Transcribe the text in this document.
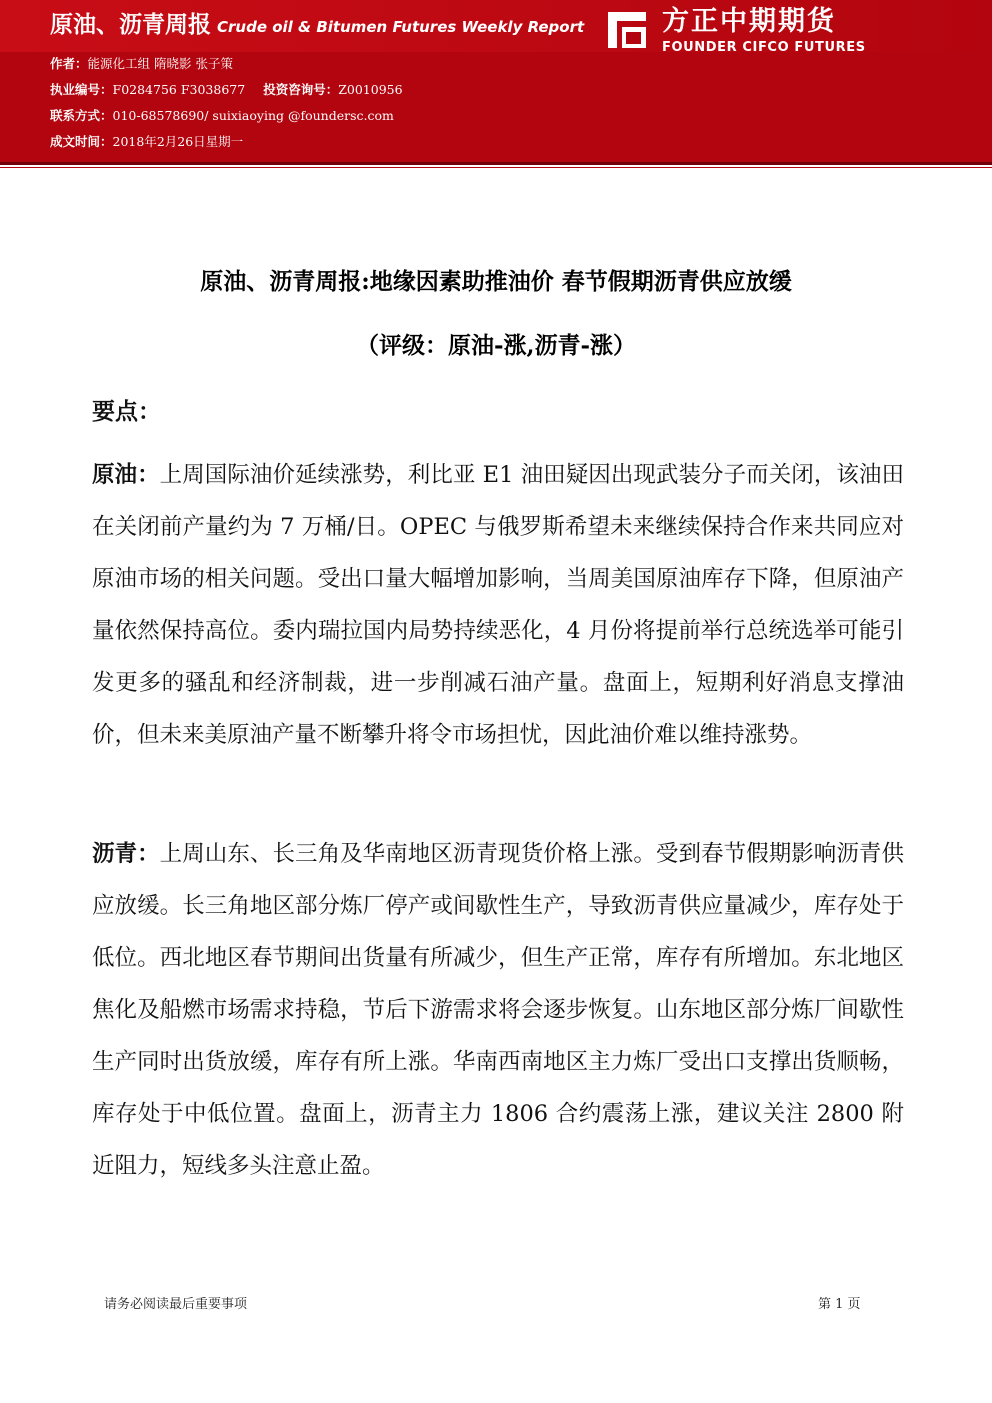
原油、沥青周报 Crude oil & Bitumen Futures Weekly Report	方正中期期货
FOUNDER CIFCO FUTURES
作者：能源化工组 隋晓影 张子策
执业编号：F0284756 F3038677 投资咨询号：Z0010956
联系方式：010-68578690/ suixiaoying @foundersc.com
成文时间：2018年2月26日星期一
原油、沥青周报:地缘因素助推油价 春节假期沥青供应放缓
（评级：原油-涨,沥青-涨）
要点：
原油：上周国际油价延续涨势，利比亚 E1 油田疑因出现武装分子而关闭，该油田在关闭前产量约为 7 万桶/日。OPEC 与俄罗斯希望未来继续保持合作来共同应对原油市场的相关问题。受出口量大幅增加影响，当周美国原油库存下降，但原油产量依然保持高位。委内瑞拉国内局势持续恶化，4 月份将提前举行总统选举可能引发更多的骚乱和经济制裁，进一步削减石油产量。盘面上，短期利好消息支撑油价，但未来美原油产量不断攀升将令市场担忧，因此油价难以维持涨势。
沥青：上周山东、长三角及华南地区沥青现货价格上涨。受到春节假期影响沥青供应放缓。长三角地区部分炼厂停产或间歇性生产，导致沥青供应量减少，库存处于低位。西北地区春节期间出货量有所减少，但生产正常，库存有所增加。东北地区焦化及船燃市场需求持稳，节后下游需求将会逐步恢复。山东地区部分炼厂间歇性生产同时出货放缓，库存有所上涨。华南西南地区主力炼厂受出口支撑出货顺畅，库存处于中低位置。盘面上，沥青主力 1806 合约震荡上涨，建议关注 2800 附近阻力，短线多头注意止盈。
请务必阅读最后重要事项	第 1 页
